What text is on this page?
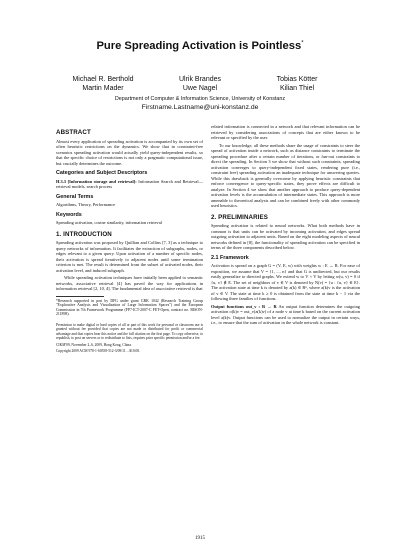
Pure Spreading Activation is Pointless*
Michael R. Berthold	Ulrik Brandes	Tobias Kötter
Martin Mader	Uwe Nagel	Kilian Thiel
Department of Computer & Information Science, University of Konstanz
Firstname.Lastname@uni-konstanz.de
ABSTRACT

Almost every application of spreading activation is accompanied by its own set of often heuristic restrictions on the dynamics. We show that in constraint-free scenarios spreading activation would actually yield query-independent results, so that the specific choice of restrictions is not only a pragmatic computational issue, but crucially determines the outcome.

Categories and Subject Descriptors

H.3.3 [Information storage and retrieval]: Information Search and Retrieval—retrieval models, search process

General Terms

Algorithms, Theory, Performance

Keywords

Spreading activation, cosine similarity, information retrieval

1. INTRODUCTION

Spreading activation was proposed by Quillian and Collins [7, 3] as a technique to query networks of information. It facilitates the extraction of subgraphs, nodes, or edges relevant to a given query. Upon activation of a number of specific nodes, their activation is spread iteratively to adjacent nodes until some termination criterion is met. The result is determined from the subset of activated nodes, their activation level, and induced subgraph.

While spreading activation techniques have initially been applied to semantic networks, associative retrieval [4] has paved the way for applications in information retrieval [2, 10, 4]. The fundamental idea of associative retrieval is that

*Research supported in part by DFG under grant GRK 1042 (Research Training Group "Explorative Analysis and Visualization of Large Information Spaces") and the European Commission in 7th Framework Programme (FP7-ICT-2007-C FET-Open, contract no. BISON-211898).

Permission to make digital or hard copies of all or part of this work for personal or classroom use is granted without fee provided that copies are not made or distributed for profit or commercial advantage and that copies bear this notice and the full citation on the first page. To copy otherwise, to republish, to post on servers or to redistribute to lists, requires prior specific permission and/or a fee.

CIKM'09, November 2–6, 2009, Hong Kong, China.

Copyright 2009 ACM 978-1-60558-512-3/09/11 ...$10.00.

related information is connected in a network and that relevant information can be retrieved by considering associations of concepts that are either known to be relevant or specified by the user.

To our knowledge, all these methods share the usage of constraints to steer the spread of activation inside a network, such as distance constraints to terminate the spreading procedure after a certain number of iterations, or fan-out constraints to direct the spreading. In Section 3 we show that without such constraints, spreading activation converges to query-independent fixed states, rendering pure (i.e., constraint free) spreading activation an inadequate technique for answering queries. While this drawback is generally overcome by applying heuristic constraints that enforce convergence to query-specific states, they prove effects are difficult to analyze. In Section 4 we show that another approach to produce query-dependent activation levels is the accumulation of intermediate states. This approach is more amenable to theoretical analysis and can be combined freely with other commonly used heuristics.

2. PRELIMINARIES

Spreading activation is related to neural networks. What both methods have in common is that units can be activated by incoming activation, and edges spread outgoing activation to adjacent units. Based on the eight modeling aspects of neural networks defined in [8], the functionality of spreading activation can be specified in terms of the three components described below.

2.1 Framework

Activation is spread on a graph G = (V, E, w) with weights w : E → R. For ease of exposition, we assume that V = {1, ..., n} and that G is undirected, but our results easily generalize to directed graphs. We extend w to V × V by letting w(u, v) = 0 if {u, v} ∉ E. The set of neighbors of v ∈ V is denoted by N(v) = {u : {u, v} ∈ E}. The activation state at time k is denoted by a(k) ∈ Rⁿ, where a(k)v is the activation of v ∈ V. The state at time k ≥ 0 is obtained from the state at time k − 1 via the following three families of functions.

Output functions out_v : R → R An output function determines the outgoing activation o(k)v = out_v(a(k)v) of a node v at time k based on the current activation level a(k)v. Output functions can be used to normalize the output in certain ways, i.e., to ensure that the sum of activation in the whole network is constant.

1915
